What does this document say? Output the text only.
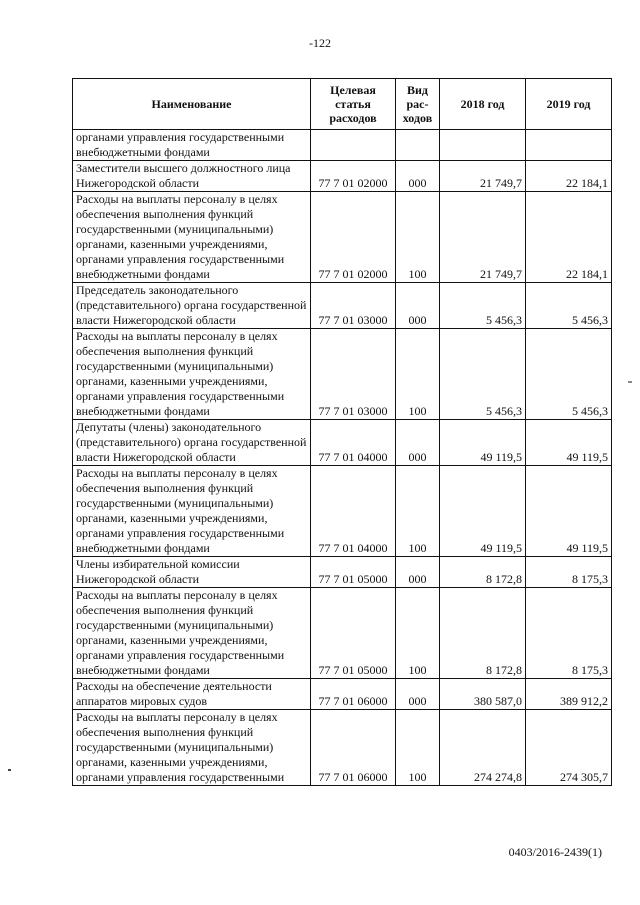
-122
Наименование	Целевая статья расходов	Вид рас-ходов	2018 год	2019 год
органами управления государственными внебюджетными фондами				
Заместители высшего должностного лица Нижегородской области	77 7 01 02000	000	21 749,7	22 184,1
Расходы на выплаты персоналу в целях обеспечения выполнения функций государственными (муниципальными) органами, казенными учреждениями, органами управления государственными внебюджетными фондами	77 7 01 02000	100	21 749,7	22 184,1
Председатель законодательного (представительного) органа государственной власти Нижегородской области	77 7 01 03000	000	5 456,3	5 456,3
Расходы на выплаты персоналу в целях обеспечения выполнения функций государственными (муниципальными) органами, казенными учреждениями, органами управления государственными внебюджетными фондами	77 7 01 03000	100	5 456,3	5 456,3
Депутаты (члены) законодательного (представительного) органа государственной власти Нижегородской области	77 7 01 04000	000	49 119,5	49 119,5
Расходы на выплаты персоналу в целях обеспечения выполнения функций государственными (муниципальными) органами, казенными учреждениями, органами управления государственными внебюджетными фондами	77 7 01 04000	100	49 119,5	49 119,5
Члены избирательной комиссии Нижегородской области	77 7 01 05000	000	8 172,8	8 175,3
Расходы на выплаты персоналу в целях обеспечения выполнения функций государственными (муниципальными) органами, казенными учреждениями, органами управления государственными внебюджетными фондами	77 7 01 05000	100	8 172,8	8 175,3
Расходы на обеспечение деятельности аппаратов мировых судов	77 7 01 06000	000	380 587,0	389 912,2
Расходы на выплаты персоналу в целях обеспечения выполнения функций государственными (муниципальными) органами, казенными учреждениями, органами управления государственными	77 7 01 06000	100	274 274,8	274 305,7
0403/2016-2439(1)
